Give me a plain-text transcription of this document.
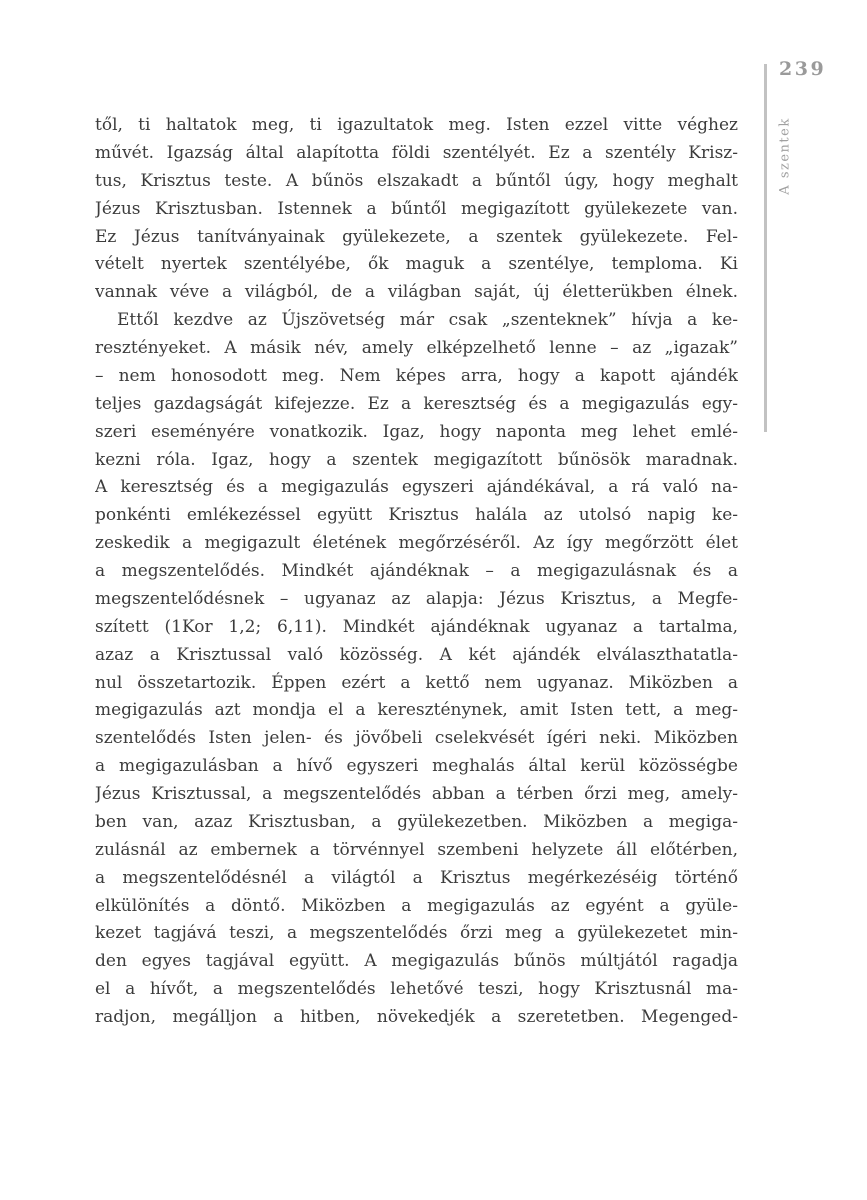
239
A szentek
től, ti haltatok meg, ti igazultatok meg. Isten ezzel vitte véghez
művét. Igazság által alapította földi szentélyét. Ez a szentély Krisz-
tus, Krisztus teste. A bűnös elszakadt a bűntől úgy, hogy meghalt
Jézus Krisztusban. Istennek a bűntől megigazított gyülekezete van.
Ez Jézus tanítványainak gyülekezete, a szentek gyülekezete. Fel-
vételt nyertek szentélyébe, ők maguk a szentélye, temploma. Ki
vannak véve a világból, de a világban saját, új életterükben élnek.
Ettől kezdve az Újszövetség már csak „szenteknek” hívja a ke-
resztényeket. A másik név, amely elképzelhető lenne – az „igazak”
– nem honosodott meg. Nem képes arra, hogy a kapott ajándék
teljes gazdagságát kifejezze. Ez a keresztség és a megigazulás egy-
szeri eseményére vonatkozik. Igaz, hogy naponta meg lehet emlé-
kezni róla. Igaz, hogy a szentek megigazított bűnösök maradnak.
A keresztség és a megigazulás egyszeri ajándékával, a rá való na-
ponkénti emlékezéssel együtt Krisztus halála az utolsó napig ke-
zeskedik a megigazult életének megőrzéséről. Az így megőrzött élet
a megszentelődés. Mindkét ajándéknak – a megigazulásnak és a
megszentelődésnek – ugyanaz az alapja: Jézus Krisztus, a Megfe-
szített (1Kor 1,2; 6,11). Mindkét ajándéknak ugyanaz a tartalma,
azaz a Krisztussal való közösség. A két ajándék elválaszthatatla-
nul összetartozik. Éppen ezért a kettő nem ugyanaz. Miközben a
megigazulás azt mondja el a kereszténynek, amit Isten tett, a meg-
szentelődés Isten jelen- és jövőbeli cselekvését ígéri neki. Miközben
a megigazulásban a hívő egyszeri meghalás által kerül közösségbe
Jézus Krisztussal, a megszentelődés abban a térben őrzi meg, amely-
ben van, azaz Krisztusban, a gyülekezetben. Miközben a megiga-
zulásnál az embernek a törvénnyel szembeni helyzete áll előtérben,
a megszentelődésnél a világtól a Krisztus megérkezéséig történő
elkülönítés a döntő. Miközben a megigazulás az egyént a gyüle-
kezet tagjává teszi, a megszentelődés őrzi meg a gyülekezetet min-
den egyes tagjával együtt. A megigazulás bűnös múltjától ragadja
el a hívőt, a megszentelődés lehetővé teszi, hogy Krisztusnál ma-
radjon, megálljon a hitben, növekedjék a szeretetben. Megenged-
